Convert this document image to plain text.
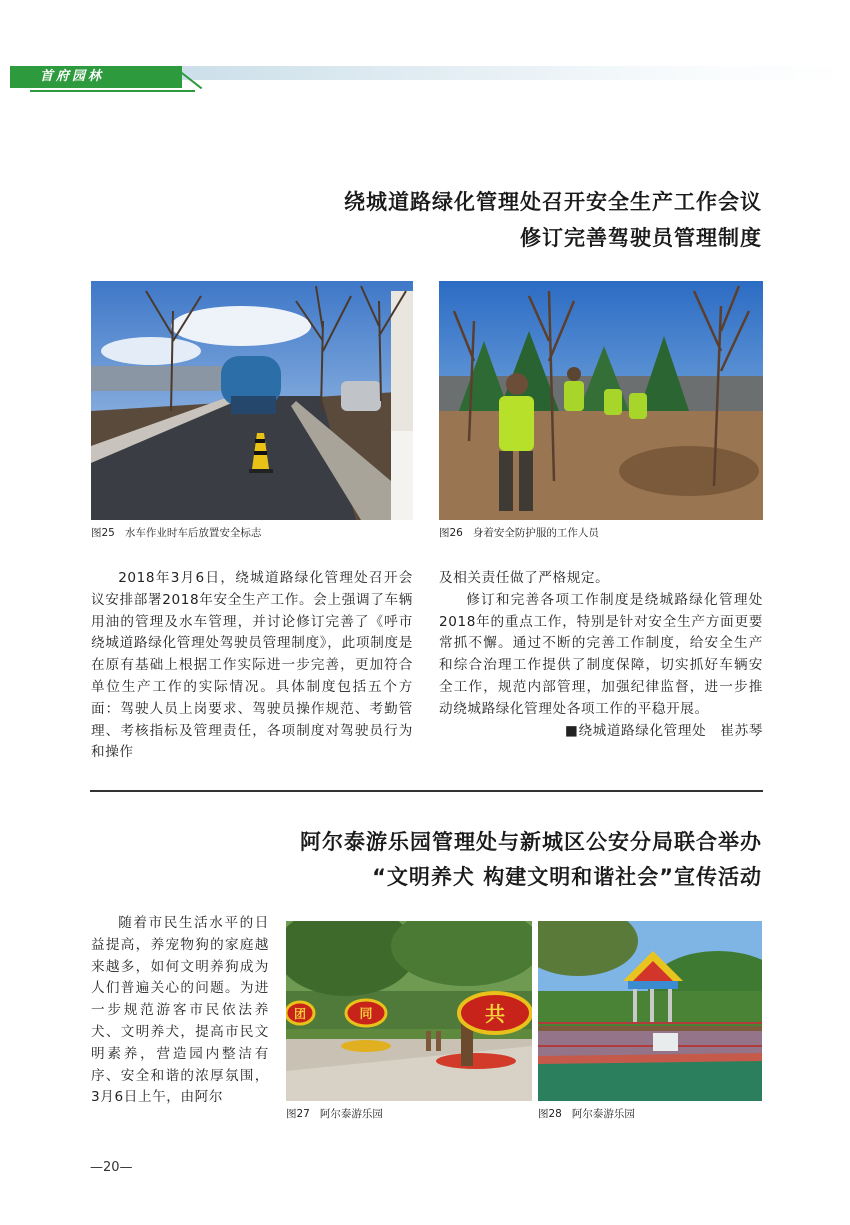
首府园林
绕城道路绿化管理处召开安全生产工作会议
修订完善驾驶员管理制度
图25 水车作业时车后放置安全标志	图26 身着安全防护服的工作人员

2018年3月6日，绕城道路绿化管理处召开会议安排部署2018年安全生产工作。会上强调了车辆用油的管理及水车管理，并讨论修订完善了《呼市绕城道路绿化管理处驾驶员管理制度》，此项制度是在原有基础上根据工作实际进一步完善，更加符合单位生产工作的实际情况。具体制度包括五个方面：驾驶人员上岗要求、驾驶员操作规范、考勤管理、考核指标及管理责任，各项制度对驾驶员行为和操作

及相关责任做了严格规定。

修订和完善各项工作制度是绕城路绿化管理处2018年的重点工作，特别是针对安全生产方面更要常抓不懈。通过不断的完善工作制度，给安全生产和综合治理工作提供了制度保障，切实抓好车辆安全工作，规范内部管理，加强纪律监督，进一步推动绕城路绿化管理处各项工作的平稳开展。

■绕城道路绿化管理处　崔苏琴
阿尔泰游乐园管理处与新城区公安分局联合举办
“文明养犬 构建文明和谐社会”宣传活动

随着市民生活水平的日益提高，养宠物狗的家庭越来越多，如何文明养狗成为人们普遍关心的问题。为进一步规范游客市民依法养犬、文明养犬，提高市民文明素养，营造园内整洁有序、安全和谐的浓厚氛围，3月6日上午，由阿尔

共
同
团
图27 阿尔泰游乐园	图28 阿尔泰游乐园
—20—
